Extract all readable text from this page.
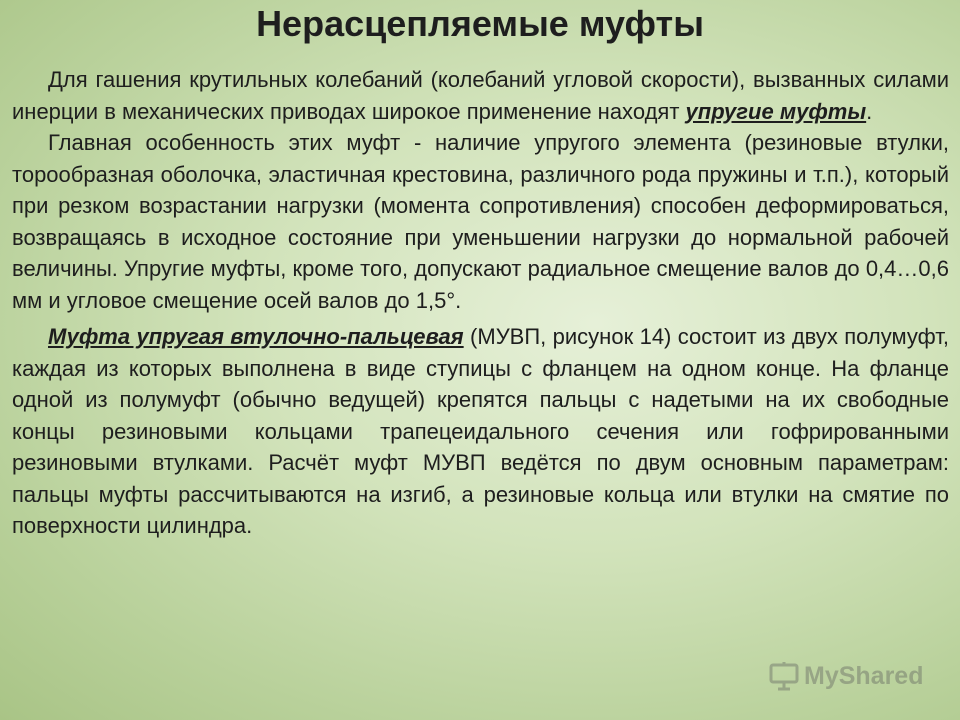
Нерасцепляемые муфты

Для гашения крутильных колебаний (колебаний угловой скорости), вызванных силами инерции в механических приводах широкое применение находят упругие муфты.

Главная особенность этих муфт - наличие упругого элемента (резиновые втулки, торообразная оболочка, эластичная крестовина, различного рода пружины и т.п.), который при резком возрастании нагрузки (момента сопротивления) способен деформироваться, возвращаясь в исходное состояние при уменьшении нагрузки до нормальной рабочей величины. Упругие муфты, кроме того, допускают радиальное смещение валов до 0,4…0,6 мм и угловое смещение осей валов до 1,5°.

Муфта упругая втулочно-пальцевая (МУВП, рисунок 14) состоит из двух полумуфт, каждая из которых выполнена в виде ступицы с фланцем на одном конце. На фланце одной из полумуфт (обычно ведущей) крепятся пальцы с надетыми на их свободные концы резиновыми кольцами трапецеидального сечения или гофрированными резиновыми втулками. Расчёт муфт МУВП ведётся по двум основным параметрам: пальцы муфты рассчитываются на изгиб, а резиновые кольца или втулки на смятие по поверхности цилиндра.

MyShared
